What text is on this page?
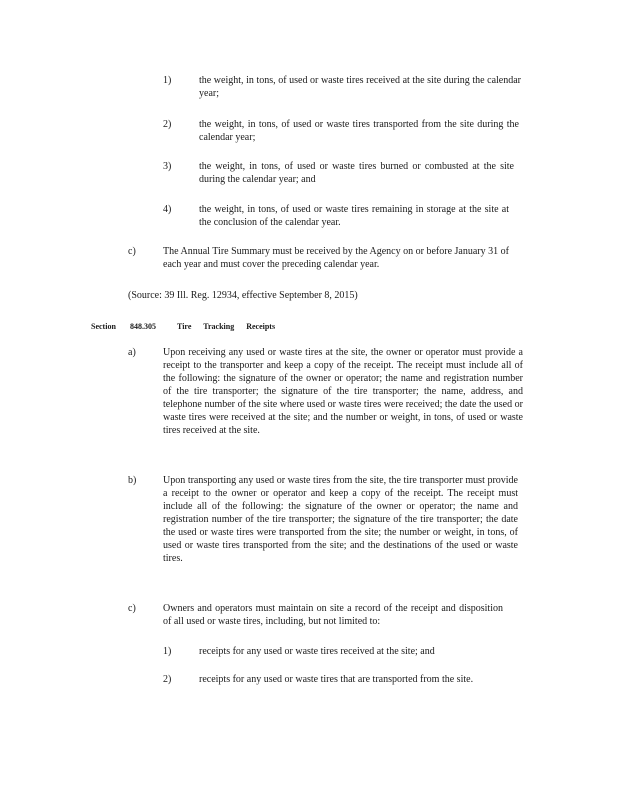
1)	the weight, in tons, of used or waste tires received at the site during the calendar year;

2)	the weight, in tons, of used or waste tires transported from the site during the calendar year;

3)	the weight, in tons, of used or waste tires burned or combusted at the site during the calendar year; and

4)	the weight, in tons, of used or waste tires remaining in storage at the site at the conclusion of the calendar year.

c)	The Annual Tire Summary must be received by the Agency on or before January 31 of each year and must cover the preceding calendar year.

(Source: 39 Ill. Reg. 12934, effective September 8, 2015)

Section 848.305	Tire Tracking Receipts

a)	Upon receiving any used or waste tires at the site, the owner or operator must provide a receipt to the transporter and keep a copy of the receipt. The receipt must include all of the following: the signature of the owner or operator; the name and registration number of the tire transporter; the signature of the tire transporter; the name, address, and telephone number of the site where used or waste tires were received; the date the used or waste tires were received at the site; and the number or weight, in tons, of used or waste tires received at the site.

b)	Upon transporting any used or waste tires from the site, the tire transporter must provide a receipt to the owner or operator and keep a copy of the receipt. The receipt must include all of the following: the signature of the owner or operator; the name and registration number of the tire transporter; the signature of the tire transporter; the date the used or waste tires were transported from the site; the number or weight, in tons, of used or waste tires transported from the site; and the destinations of the used or waste tires.

c)	Owners and operators must maintain on site a record of the receipt and disposition of all used or waste tires, including, but not limited to:

1)	receipts for any used or waste tires received at the site; and

2)	receipts for any used or waste tires that are transported from the site.
